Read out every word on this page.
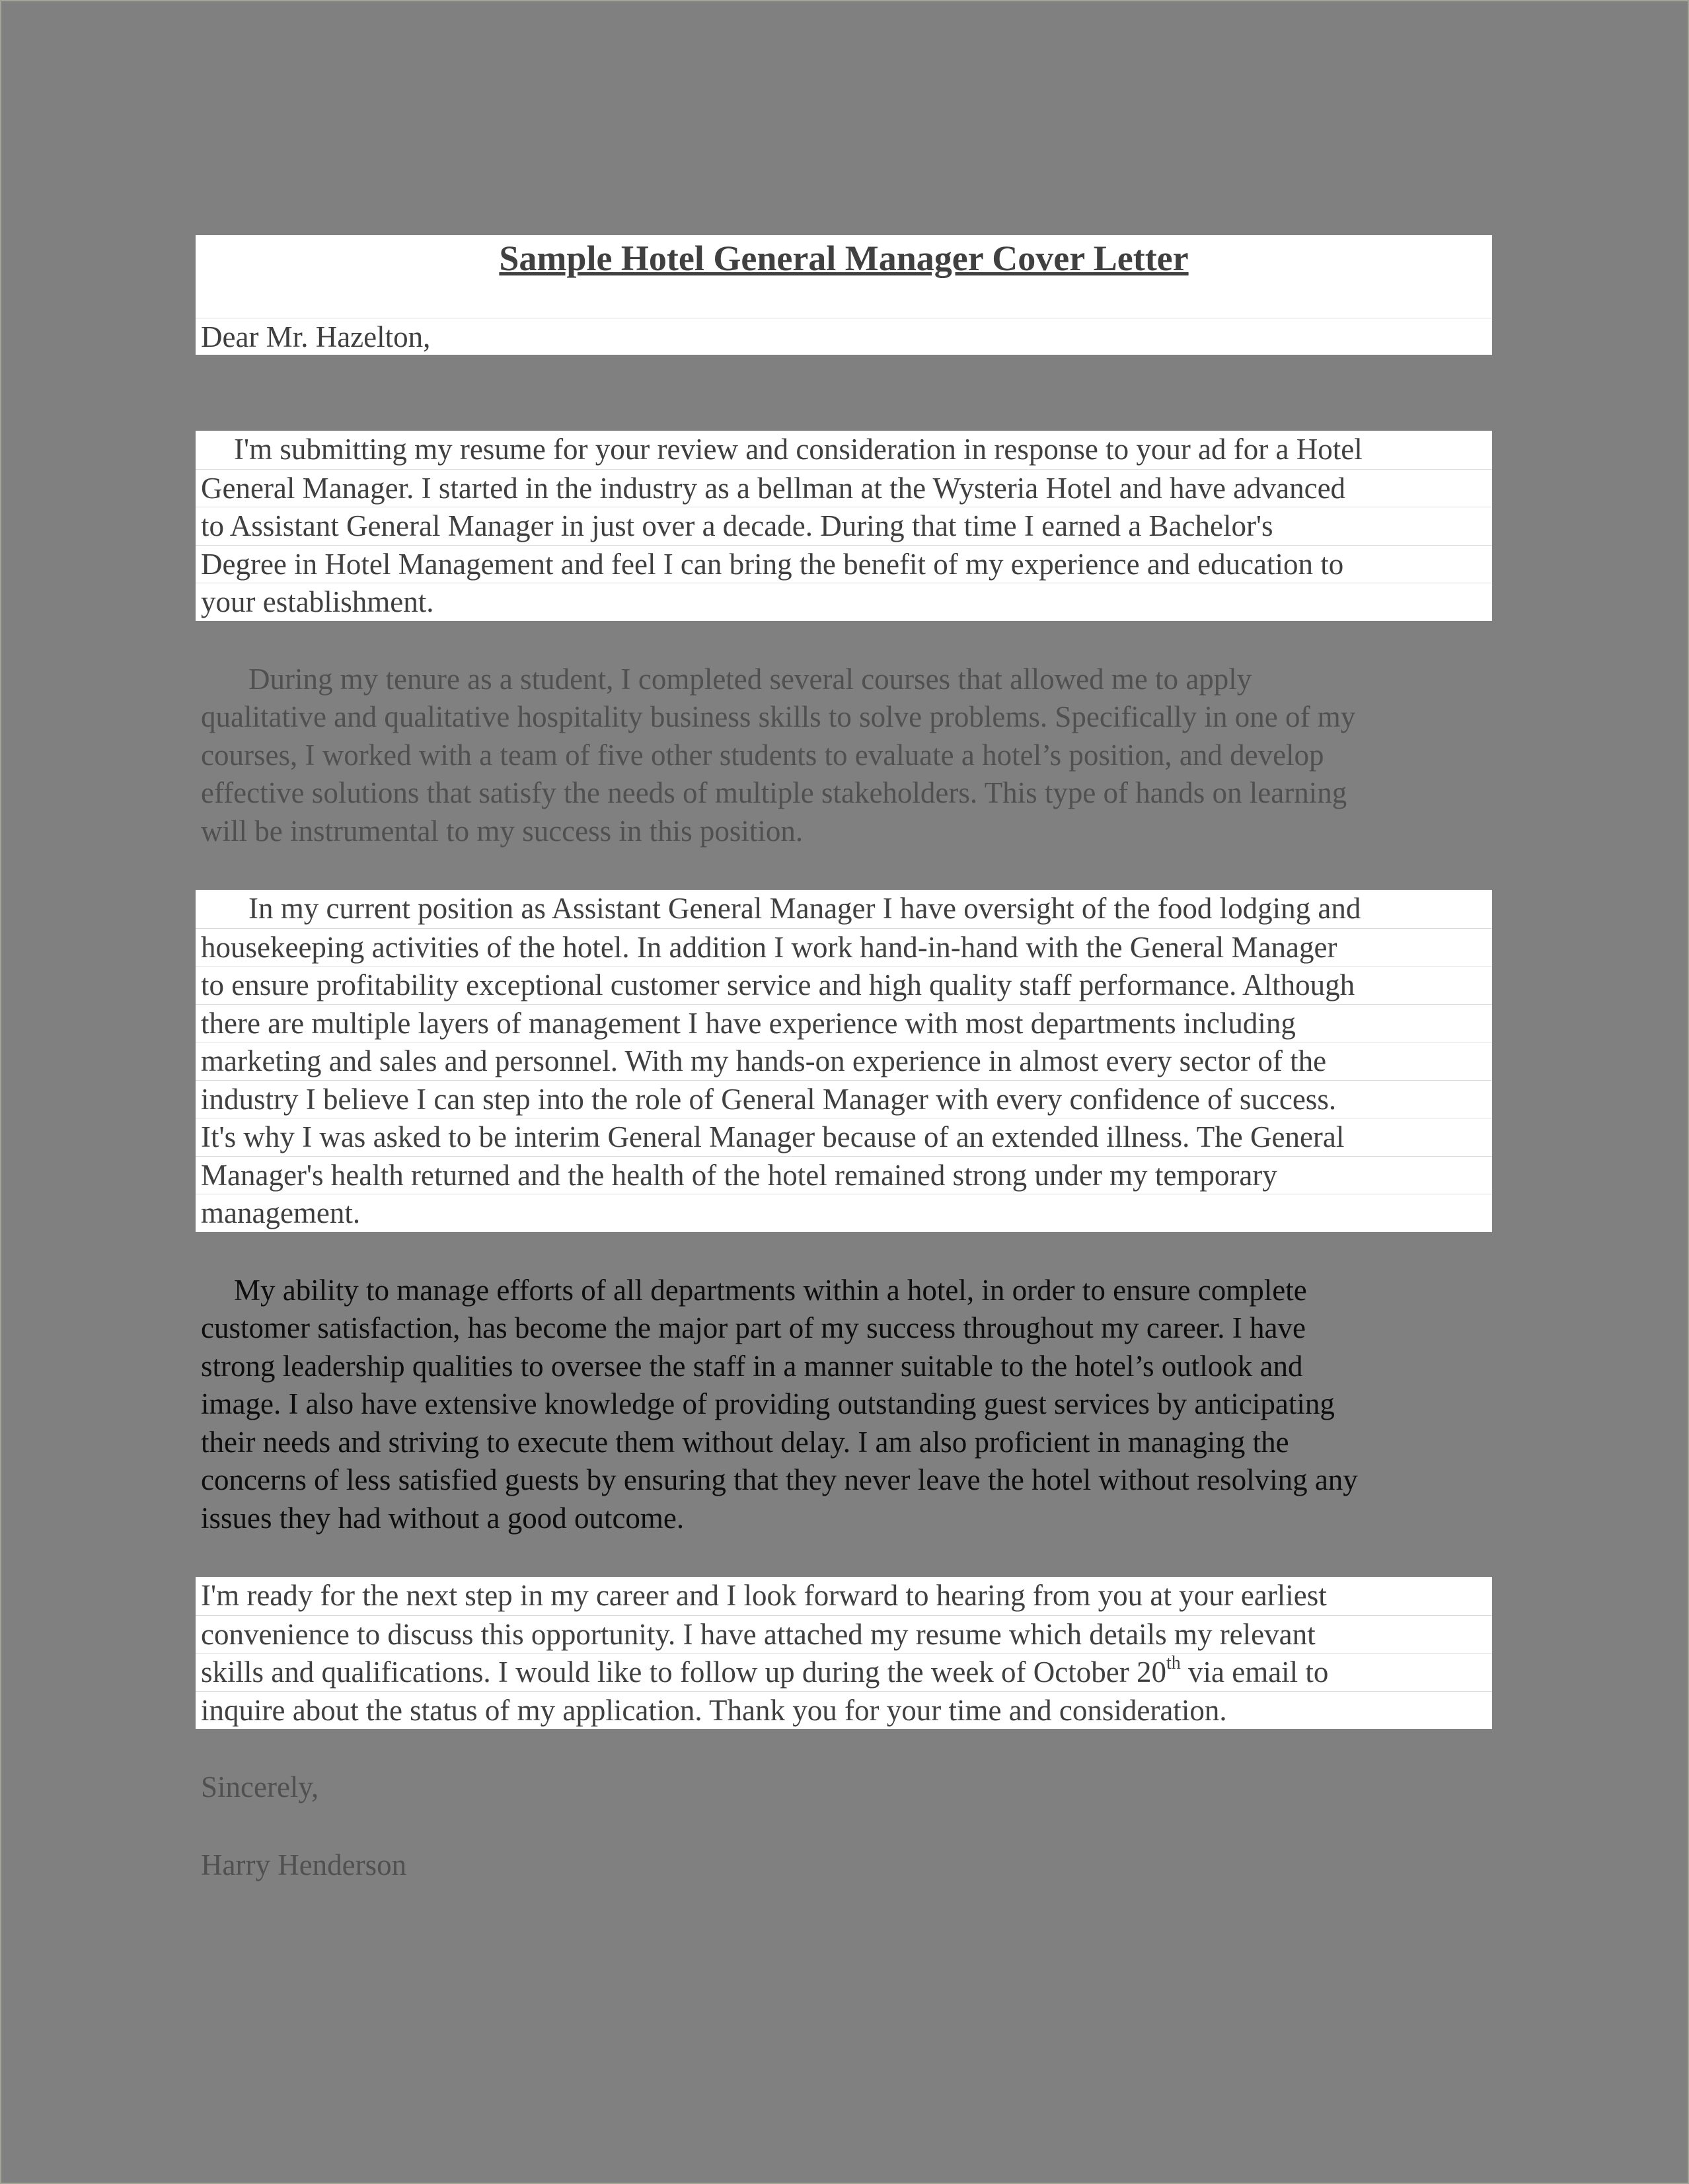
Sample Hotel General Manager Cover Letter
Dear Mr. Hazelton,
I'm submitting my resume for your review and consideration in response to your ad for a Hotel
General Manager. I started in the industry as a bellman at the Wysteria Hotel and have advanced
to Assistant General Manager in just over a decade. During that time I earned a Bachelor's
Degree in Hotel Management and feel I can bring the benefit of my experience and education to
your establishment.
During my tenure as a student, I completed several courses that allowed me to apply
qualitative and qualitative hospitality business skills to solve problems. Specifically in one of my
courses, I worked with a team of five other students to evaluate a hotel’s position, and develop
effective solutions that satisfy the needs of multiple stakeholders. This type of hands on learning
will be instrumental to my success in this position.
In my current position as Assistant General Manager I have oversight of the food lodging and
housekeeping activities of the hotel. In addition I work hand-in-hand with the General Manager
to ensure profitability exceptional customer service and high quality staff performance. Although
there are multiple layers of management I have experience with most departments including
marketing and sales and personnel. With my hands-on experience in almost every sector of the
industry I believe I can step into the role of General Manager with every confidence of success.
It's why I was asked to be interim General Manager because of an extended illness. The General
Manager's health returned and the health of the hotel remained strong under my temporary
management.
My ability to manage efforts of all departments within a hotel, in order to ensure complete
customer satisfaction, has become the major part of my success throughout my career. I have
strong leadership qualities to oversee the staff in a manner suitable to the hotel’s outlook and
image. I also have extensive knowledge of providing outstanding guest services by anticipating
their needs and striving to execute them without delay. I am also proficient in managing the
concerns of less satisfied guests by ensuring that they never leave the hotel without resolving any
issues they had without a good outcome.
I'm ready for the next step in my career and I look forward to hearing from you at your earliest
convenience to discuss this opportunity. I have attached my resume which details my relevant
skills and qualifications. I would like to follow up during the week of October 20th via email to
inquire about the status of my application. Thank you for your time and consideration.
Sincerely,
Harry Henderson
